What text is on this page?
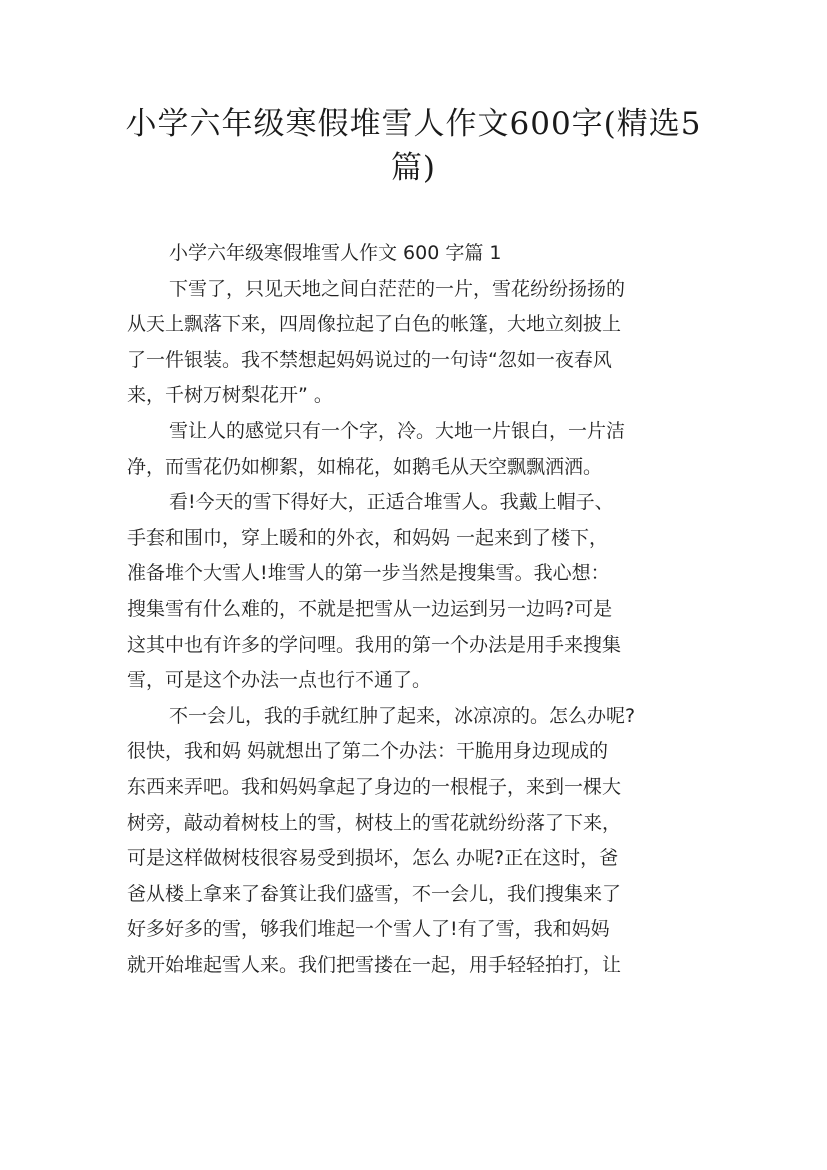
小学六年级寒假堆雪人作文600字(精选5
篇)
小学六年级寒假堆雪人作文 600 字篇 1
下雪了，只见天地之间白茫茫的一片，雪花纷纷扬扬的
从天上飘落下来，四周像拉起了白色的帐篷，大地立刻披上
了一件银装。我不禁想起妈妈说过的一句诗“忽如一夜春风
来，千树万树梨花开” 。
雪让人的感觉只有一个字，冷。大地一片银白，一片洁
净，而雪花仍如柳絮，如棉花，如鹅毛从天空飘飘洒洒。
看!今天的雪下得好大，正适合堆雪人。我戴上帽子、
手套和围巾，穿上暖和的外衣，和妈妈 一起来到了楼下，
准备堆个大雪人!堆雪人的第一步当然是搜集雪。我心想：
搜集雪有什么难的，不就是把雪从一边运到另一边吗?可是
这其中也有许多的学问哩。我用的第一个办法是用手来搜集
雪，可是这个办法一点也行不通了。
不一会儿，我的手就红肿了起来，冰凉凉的。怎么办呢?
很快，我和妈 妈就想出了第二个办法：干脆用身边现成的
东西来弄吧。我和妈妈拿起了身边的一根棍子，来到一棵大
树旁，敲动着树枝上的雪，树枝上的雪花就纷纷落了下来，
可是这样做树枝很容易受到损坏，怎么 办呢?正在这时，爸
爸从楼上拿来了畚箕让我们盛雪，不一会儿，我们搜集来了
好多好多的雪，够我们堆起一个雪人了!有了雪，我和妈妈
就开始堆起雪人来。我们把雪搂在一起，用手轻轻拍打，让
